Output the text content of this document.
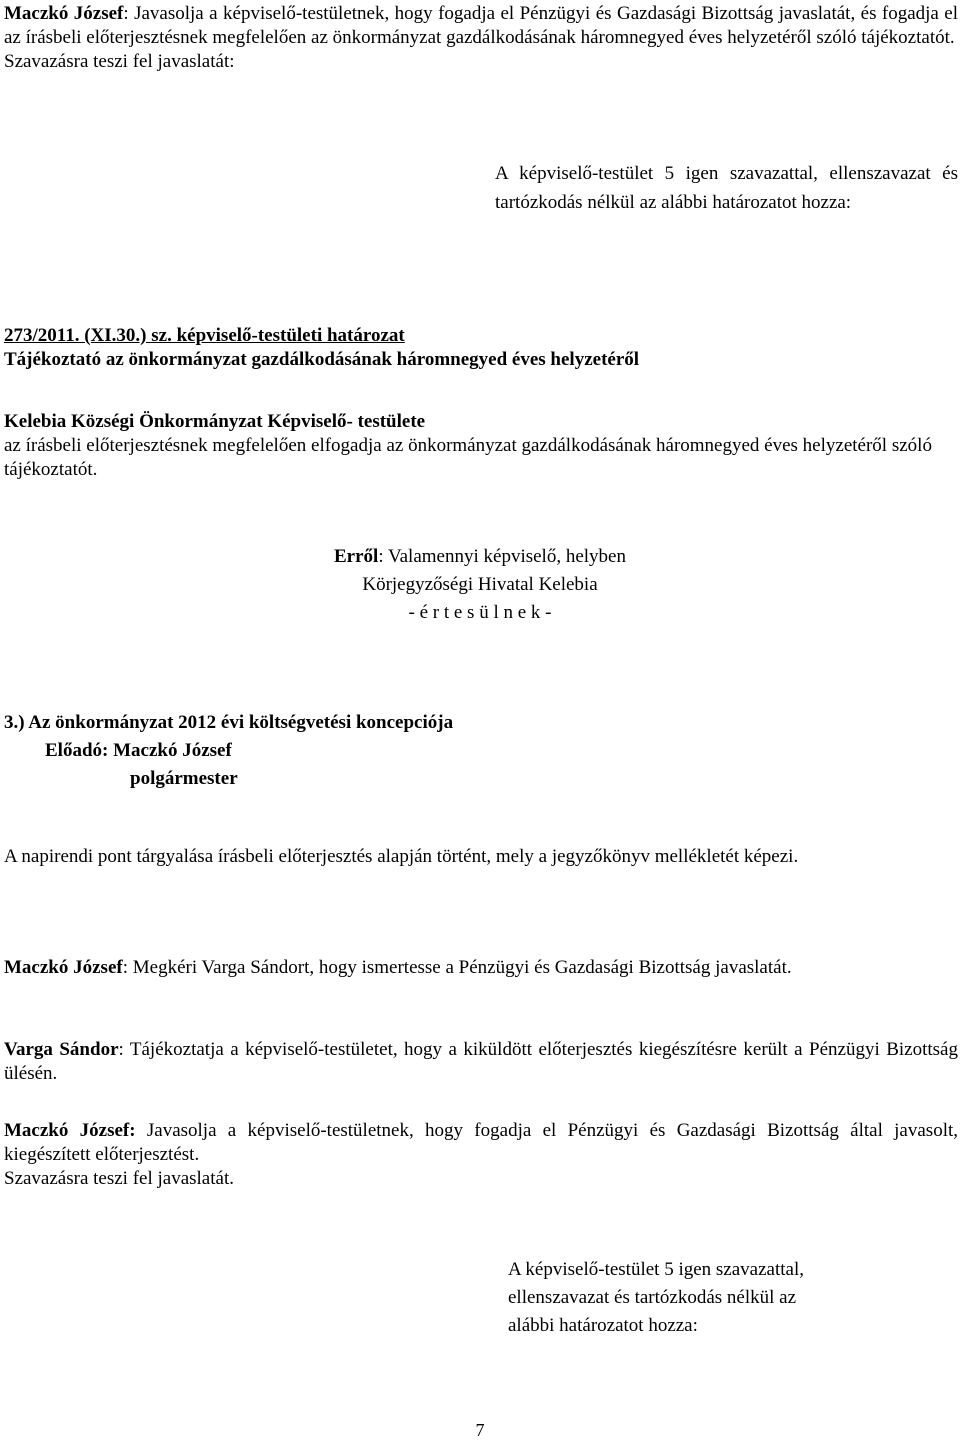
Maczkó József: Javasolja a képviselő-testületnek, hogy fogadja el Pénzügyi és Gazdasági Bizottság javaslatát, és fogadja el az írásbeli előterjesztésnek megfelelően az önkormányzat gazdálkodásának háromnegyed éves helyzetéről szóló tájékoztatót.

Szavazásra teszi fel javaslatát:

A képviselő-testület 5 igen szavazattal, ellenszavazat és tartózkodás nélkül az alábbi határozatot hozza:

273/2011. (XI.30.) sz. képviselő-testületi határozat

Tájékoztató az önkormányzat gazdálkodásának háromnegyed éves helyzetéről

Kelebia Községi Önkormányzat Képviselő- testülete

az írásbeli előterjesztésnek megfelelően elfogadja az önkormányzat gazdálkodásának háromnegyed éves helyzetéről szóló tájékoztatót.

Erről: Valamennyi képviselő, helyben

Körjegyzőségi Hivatal Kelebia

- é r t e s ü l n e k -

3.) Az önkormányzat 2012 évi költségvetési koncepciója

Előadó: Maczkó József

polgármester

A napirendi pont tárgyalása írásbeli előterjesztés alapján történt, mely a jegyzőkönyv mellékletét képezi.

Maczkó József: Megkéri Varga Sándort, hogy ismertesse a Pénzügyi és Gazdasági Bizottság javaslatát.

Varga Sándor: Tájékoztatja a képviselő-testületet, hogy a kiküldött előterjesztés kiegészítésre került a Pénzügyi Bizottság ülésén.

Maczkó József: Javasolja a képviselő-testületnek, hogy fogadja el Pénzügyi és Gazdasági Bizottság által javasolt, kiegészített előterjesztést.

Szavazásra teszi fel javaslatát.

A képviselő-testület 5 igen szavazattal,

ellenszavazat és tartózkodás nélkül az

alábbi határozatot hozza:

7
